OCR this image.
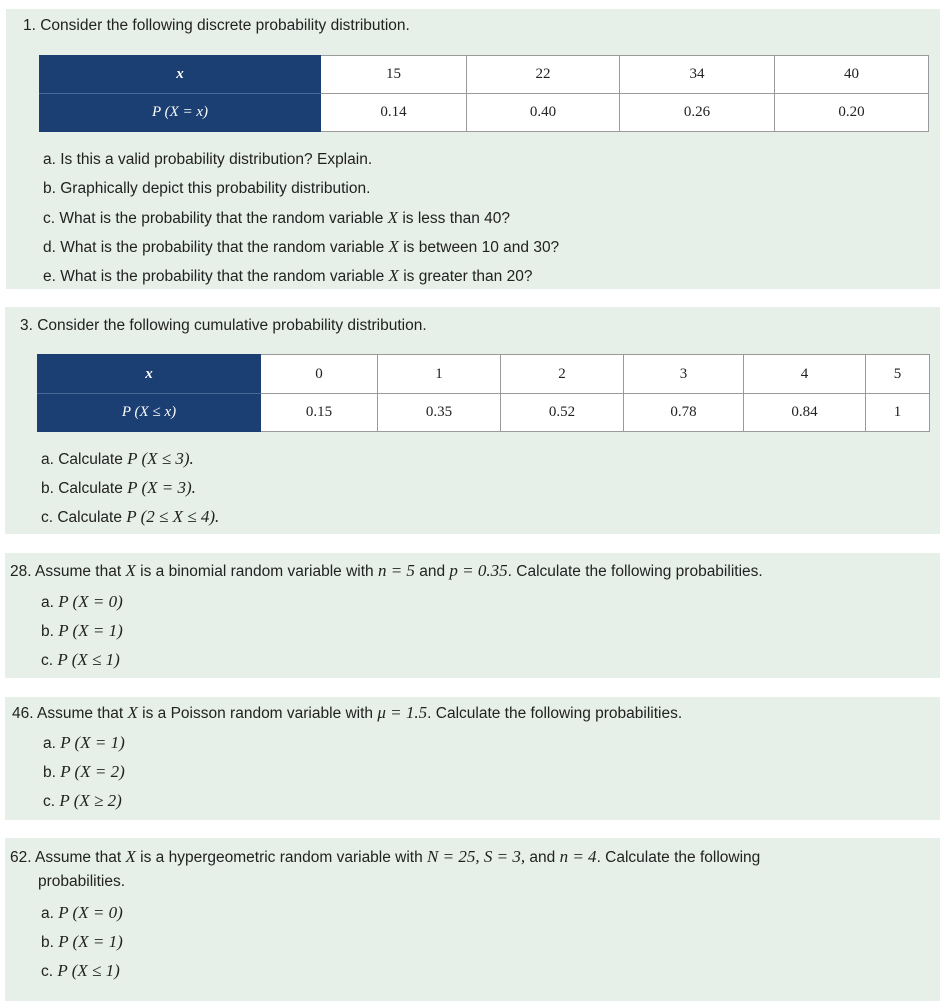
1. Consider the following discrete probability distribution.
x	15	22	34	40
P (X = x)	0.14	0.40	0.26	0.20
a. Is this a valid probability distribution? Explain.
b. Graphically depict this probability distribution.
c. What is the probability that the random variable X is less than 40?
d. What is the probability that the random variable X is between 10 and 30?
e. What is the probability that the random variable X is greater than 20?
3. Consider the following cumulative probability distribution.
x	0	1	2	3	4	5
P (X ≤ x)	0.15	0.35	0.52	0.78	0.84	1
a. Calculate P (X ≤ 3).
b. Calculate P (X = 3).
c. Calculate P (2 ≤ X ≤ 4).
28. Assume that X is a binomial random variable with n = 5 and p = 0.35. Calculate the following probabilities.
a. P (X = 0)
b. P (X = 1)
c. P (X ≤ 1)
46. Assume that X is a Poisson random variable with μ = 1.5. Calculate the following probabilities.
a. P (X = 1)
b. P (X = 2)
c. P (X ≥ 2)
62. Assume that X is a hypergeometric random variable with N = 25, S = 3, and n = 4. Calculate the following
probabilities.
a. P (X = 0)
b. P (X = 1)
c. P (X ≤ 1)
